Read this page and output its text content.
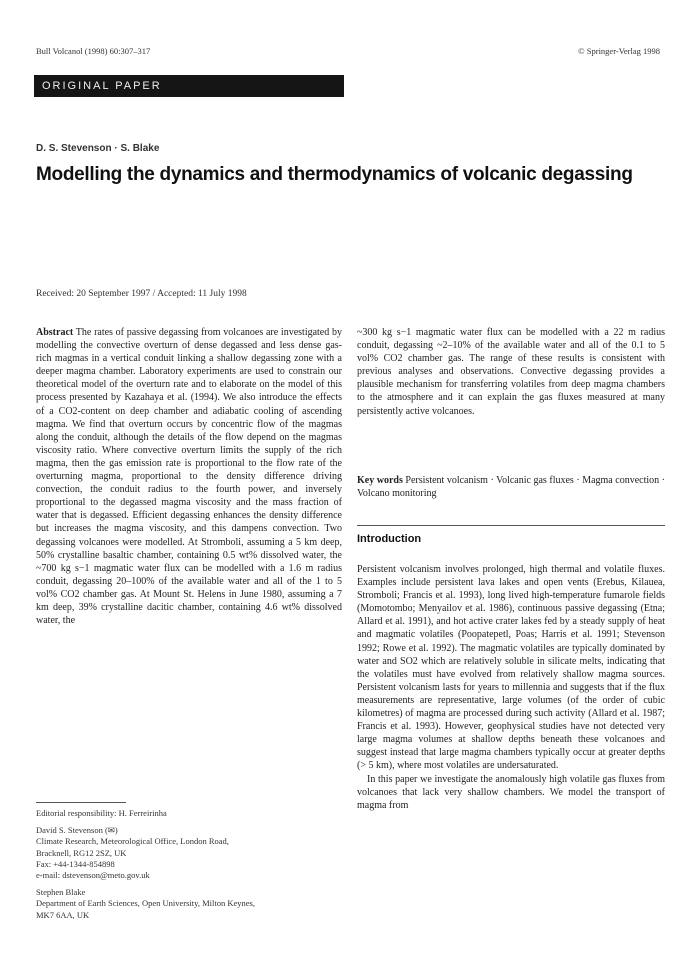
Bull Volcanol (1998) 60:307–317	© Springer-Verlag 1998
ORIGINAL PAPER
D. S. Stevenson · S. Blake
Modelling the dynamics and thermodynamics of volcanic degassing
Received: 20 September 1997 / Accepted: 11 July 1998

Abstract The rates of passive degassing from volcanoes are investigated by modelling the convective overturn of dense degassed and less dense gas-rich magmas in a vertical conduit linking a shallow degassing zone with a deeper magma chamber. Laboratory experiments are used to constrain our theoretical model of the overturn rate and to elaborate on the model of this process presented by Kazahaya et al. (1994). We also introduce the effects of a CO2-content on deep chamber and adiabatic cooling of ascending magma. We find that overturn occurs by concentric flow of the magmas along the conduit, although the details of the flow depend on the magmas viscosity ratio. Where convective overturn limits the supply of the rich magma, then the gas emission rate is proportional to the flow rate of the overturning magma, proportional to the density difference driving convection, the conduit radius to the fourth power, and inversely proportional to the degassed magma viscosity and the mass fraction of water that is degassed. Efficient degassing enhances the density difference but increases the magma viscosity, and this dampens convection. Two degassing volcanoes were modelled. At Stromboli, assuming a 5 km deep, 50% crystalline basaltic chamber, containing 0.5 wt% dissolved water, the ~700 kg s−1 magmatic water flux can be modelled with a 1.6 m radius conduit, degassing 20–100% of the available water and all of the 1 to 5 vol% CO2 chamber gas. At Mount St. Helens in June 1980, assuming a 7 km deep, 39% crystalline dacitic chamber, containing 4.6 wt% dissolved water, the

Editorial responsibility: H. Ferreirinha

David S. Stevenson (✉)

Climate Research, Meteorological Office, London Road,

Bracknell, RG12 2SZ, UK

Fax: +44-1344-854898

e-mail: dstevenson@meto.gov.uk

Stephen Blake

Department of Earth Sciences, Open University, Milton Keynes,

MK7 6AA, UK

~300 kg s−1 magmatic water flux can be modelled with a 22 m radius conduit, degassing ~2–10% of the available water and all of the 0.1 to 5 vol% CO2 chamber gas. The range of these results is consistent with previous analyses and observations. Convective degassing provides a plausible mechanism for transferring volatiles from deep magma chambers to the atmosphere and it can explain the gas fluxes measured at many persistently active volcanoes.

Key words Persistent volcanism · Volcanic gas fluxes · Magma convection · Volcano monitoring

Introduction

Persistent volcanism involves prolonged, high thermal and volatile fluxes. Examples include persistent lava lakes and open vents (Erebus, Kilauea, Stromboli; Francis et al. 1993), long lived high-temperature fumarole fields (Momotombo; Menyailov et al. 1986), continuous passive degassing (Etna; Allard et al. 1991), and hot active crater lakes fed by a steady supply of heat and magmatic volatiles (Poopatepetl, Poas; Harris et al. 1991; Stevenson 1992; Rowe et al. 1992). The magmatic volatiles are typically dominated by water and SO2 which are relatively soluble in silicate melts, indicating that the volatiles must have evolved from relatively shallow magma sources. Persistent volcanism lasts for years to millennia and suggests that if the flux measurements are representative, large volumes (of the order of cubic kilometres) of magma are processed during such activity (Allard et al. 1987; Francis et al. 1993). However, geophysical studies have not detected very large magma volumes at shallow depths beneath these volcanoes and suggest instead that large magma chambers typically occur at greater depths (> 5 km), where most volatiles are undersaturated.

In this paper we investigate the anomalously high volatile gas fluxes from volcanoes that lack very shallow chambers. We model the transport of magma from
